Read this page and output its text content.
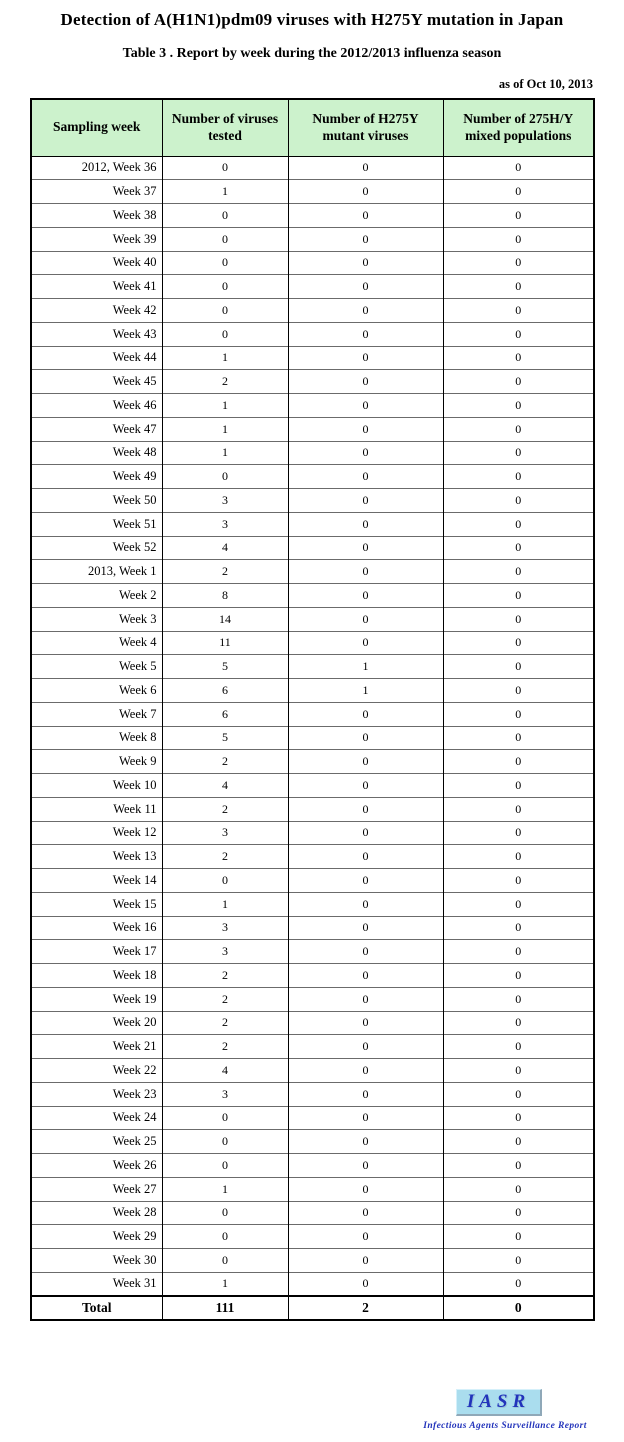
Detection of A(H1N1)pdm09 viruses with H275Y mutation in Japan
Table 3 . Report by week during the 2012/2013 influenza season
as of Oct 10, 2013
Sampling week	Number of viruses tested	Number of H275Y mutant viruses	Number of 275H/Y mixed populations
2012, Week 36	0	0	0
Week 37	1	0	0
Week 38	0	0	0
Week 39	0	0	0
Week 40	0	0	0
Week 41	0	0	0
Week 42	0	0	0
Week 43	0	0	0
Week 44	1	0	0
Week 45	2	0	0
Week 46	1	0	0
Week 47	1	0	0
Week 48	1	0	0
Week 49	0	0	0
Week 50	3	0	0
Week 51	3	0	0
Week 52	4	0	0
2013, Week 1	2	0	0
Week 2	8	0	0
Week 3	14	0	0
Week 4	11	0	0
Week 5	5	1	0
Week 6	6	1	0
Week 7	6	0	0
Week 8	5	0	0
Week 9	2	0	0
Week 10	4	0	0
Week 11	2	0	0
Week 12	3	0	0
Week 13	2	0	0
Week 14	0	0	0
Week 15	1	0	0
Week 16	3	0	0
Week 17	3	0	0
Week 18	2	0	0
Week 19	2	0	0
Week 20	2	0	0
Week 21	2	0	0
Week 22	4	0	0
Week 23	3	0	0
Week 24	0	0	0
Week 25	0	0	0
Week 26	0	0	0
Week 27	1	0	0
Week 28	0	0	0
Week 29	0	0	0
Week 30	0	0	0
Week 31	1	0	0
Total	111	2	0
IASR
Infectious Agents Surveillance Report
